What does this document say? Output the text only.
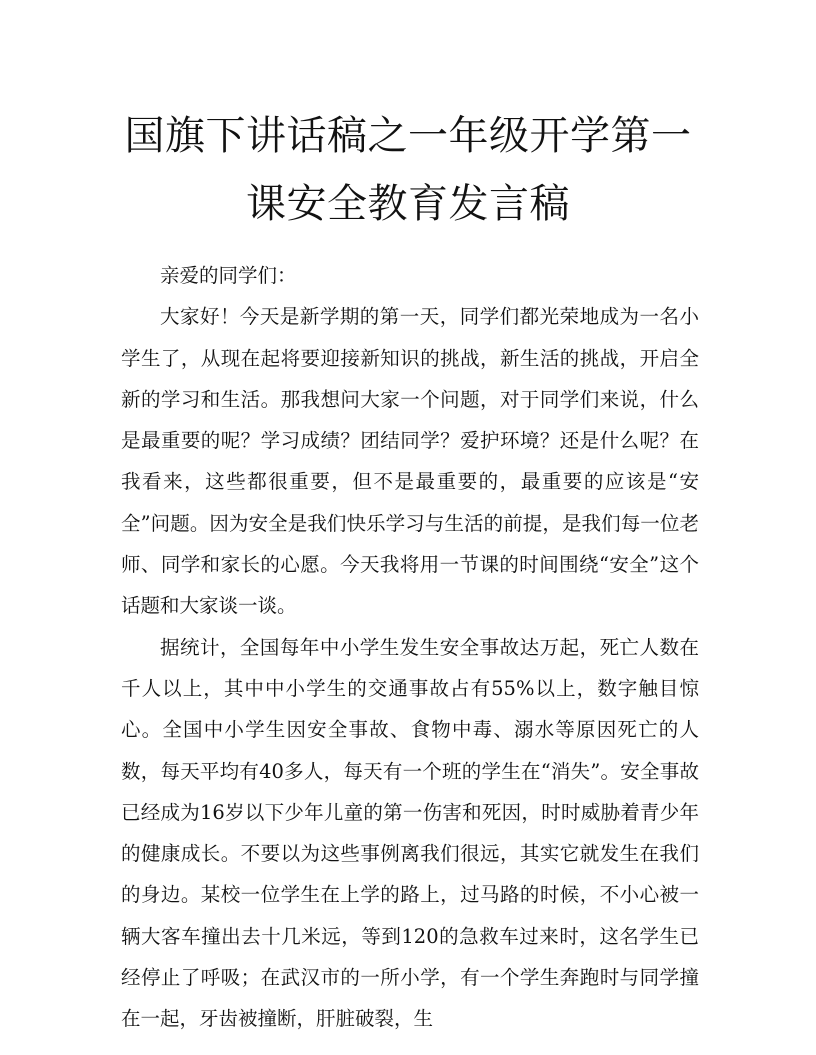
国旗下讲话稿之一年级开学第一课安全教育发言稿

亲爱的同学们：

大家好！今天是新学期的第一天，同学们都光荣地成为一名小学生了，从现在起将要迎接新知识的挑战，新生活的挑战，开启全新的学习和生活。那我想问大家一个问题，对于同学们来说，什么是最重要的呢？学习成绩？团结同学？爱护环境？还是什么呢？在我看来，这些都很重要，但不是最重要的，最重要的应该是“安全”问题。因为安全是我们快乐学习与生活的前提，是我们每一位老师、同学和家长的心愿。今天我将用一节课的时间围绕“安全”这个话题和大家谈一谈。

据统计，全国每年中小学生发生安全事故达万起，死亡人数在千人以上，其中中小学生的交通事故占有55%以上，数字触目惊心。全国中小学生因安全事故、食物中毒、溺水等原因死亡的人数，每天平均有40多人，每天有一个班的学生在“消失”。安全事故已经成为16岁以下少年儿童的第一伤害和死因，时时威胁着青少年的健康成长。不要以为这些事例离我们很远，其实它就发生在我们的身边。某校一位学生在上学的路上，过马路的时候，不小心被一辆大客车撞出去十几米远，等到120的急救车过来时，这名学生已经停止了呼吸；在武汉市的一所小学，有一个学生奔跑时与同学撞在一起，牙齿被撞断，肝脏破裂，生
